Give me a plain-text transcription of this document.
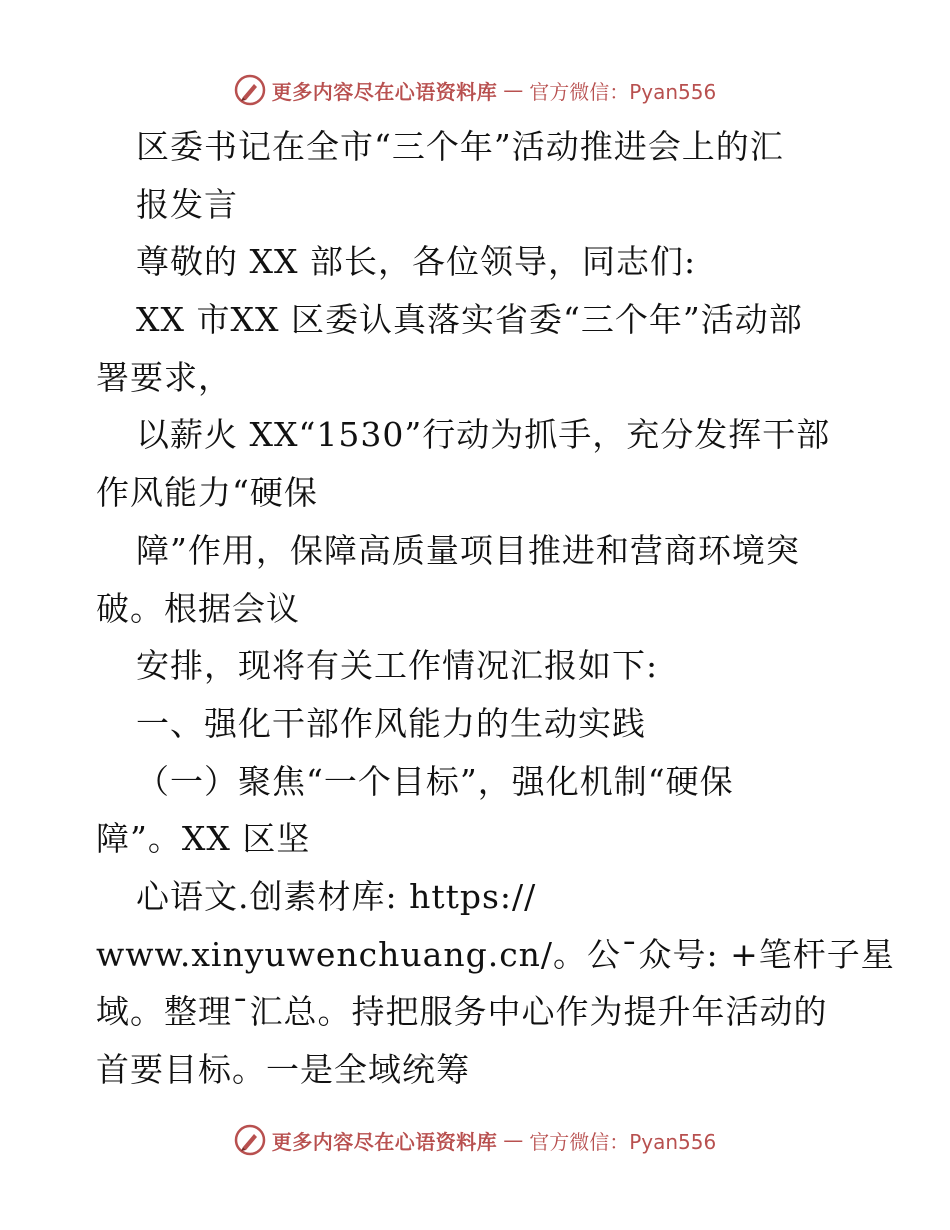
更多内容尽在心语资料库 — 官方微信：Pyan556
区委书记在全市“三个年”活动推进会上的汇
报发言
尊敬的 XX 部长，各位领导，同志们:
XX 市XX 区委认真落实省委“三个年”活动部
署要求，
以薪火 XX“1530”行动为抓手，充分发挥干部
作风能力“硬保
障”作用，保障高质量项目推进和营商环境突
破。根据会议
安排，现将有关工作情况汇报如下:
一、强化干部作风能力的生动实践
（一）聚焦“一个目标”，强化机制“硬保
障”。XX 区坚
心语文.创素材库: https://
www.xinyuwenchuang.cn/。公¯众号: +笔杆子星
域。整理¯汇总。持把服务中心作为提升年活动的
首要目标。一是全域统筹
更多内容尽在心语资料库 — 官方微信：Pyan556
